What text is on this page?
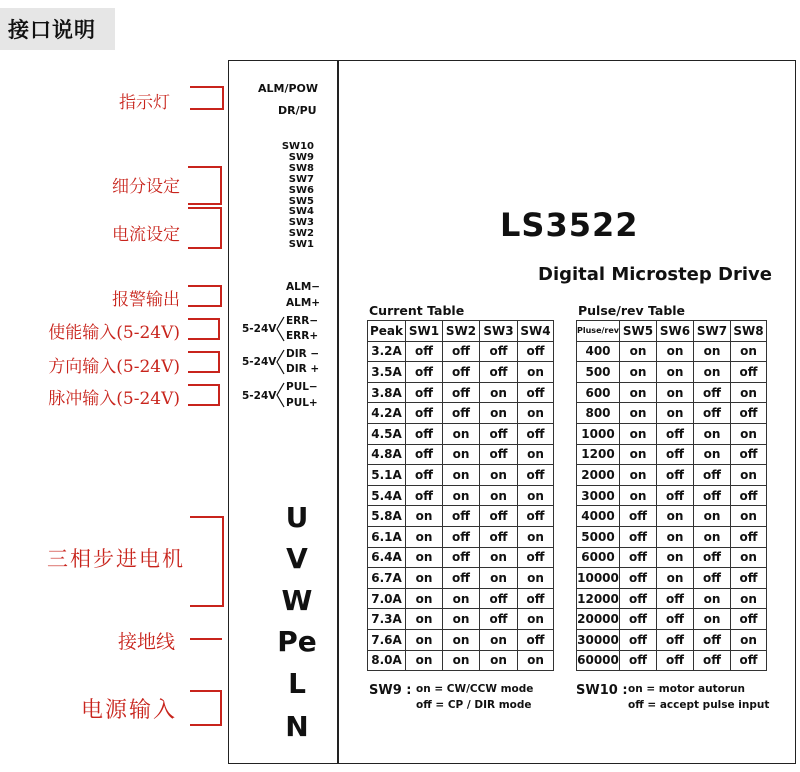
接口说明
指示灯
细分设定
电流设定
报警输出
使能输入(5-24V)
方向输入(5-24V)
脉冲输入(5-24V)
三相步进电机
接地线
电源输入
ALM/POW
DR/PU
SW10
SW9
SW8
SW7
SW6
SW5
SW4
SW3
SW2
SW1
ALM−
ALM+
ERR−
ERR+
DIR −
DIR +
PUL−
PUL+
5-24V
5-24V
5-24V
U
V
W
Pe
L
N
LS3522
Digital Microstep Drive
Current Table	Pulse/rev Table
Peak	SW1	SW2	SW3	SW4
3.2A	off	off	off	off
3.5A	off	off	off	on
3.8A	off	off	on	off
4.2A	off	off	on	on
4.5A	off	on	off	off
4.8A	off	on	off	on
5.1A	off	on	on	off
5.4A	off	on	on	on
5.8A	on	off	off	off
6.1A	on	off	off	on
6.4A	on	off	on	off
6.7A	on	off	on	on
7.0A	on	on	off	off
7.3A	on	on	off	on
7.6A	on	on	on	off
8.0A	on	on	on	on
Pluse/rev	SW5	SW6	SW7	SW8
400	on	on	on	on
500	on	on	on	off
600	on	on	off	on
800	on	on	off	off
1000	on	off	on	on
1200	on	off	on	off
2000	on	off	off	on
3000	on	off	off	off
4000	off	on	on	on
5000	off	on	on	off
6000	off	on	off	on
10000	off	on	off	off
12000	off	off	on	on
20000	off	off	on	off
30000	off	off	off	on
60000	off	off	off	off
SW9 : on = CW/CCW mode
off = CP / DIR mode
SW10 : on = motor autorun
off = accept pulse input
